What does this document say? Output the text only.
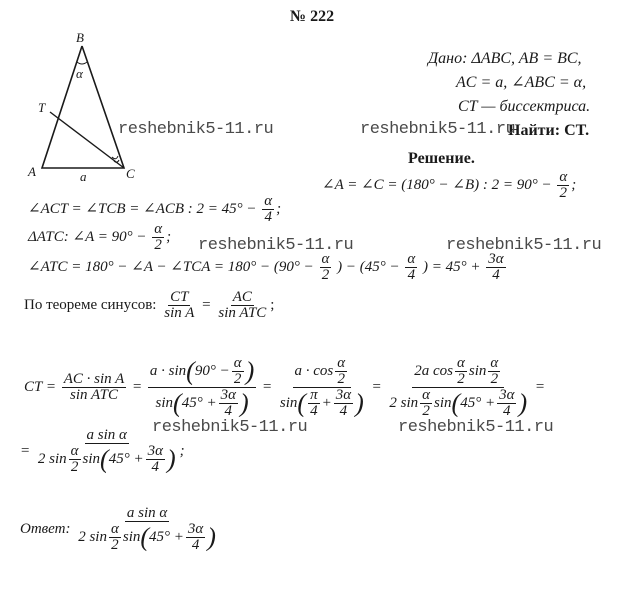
№ 222
B
α
T
A	a	C
Дано: ΔABC, AB = BC,
AC = a, ∠ABC = α,
CT — биссектриса.
Найти: CT.
Решение.
∠A = ∠C = (180° − ∠B) : $2 = 90^\circ - \frac{\alpha}{2}$ ;
∠ACT = ∠TCB = ∠ACB : $2 = 45^\circ - \frac{\alpha}{4}$ ;
ΔATC: ∠A = $90^\circ - \frac{\alpha}{2}$ ;
∠ATC = 180° − ∠A − ∠TCA = $180^\circ - (90^\circ - \frac{\alpha}{2}$ ) − ($45^\circ - \frac{\alpha}{4}$ ) = $45^\circ + \frac{3\alpha}{4}$
По теореме синусов: $\frac{CT}{\text{sin A}} = \frac{AC}{\text{sin ATC}}$ ;
CT = $\frac{\text{AC · sin A}}{\text{sin ATC}} = \frac{a \cdot \sin(90^\circ - \frac{\alpha}{2} )}{\sin(45^\circ + \frac{3\alpha}{4} )} = \frac{a \cdot \cos \frac{\alpha}{2}}{\sin( \frac{\pi}{4} + \frac{3\alpha}{4} )} = \frac{2a \cos \frac{\alpha}{2} \sin \frac{\alpha}{2}}{2 \sin \frac{\alpha}{2} \sin(45^\circ + \frac{3\alpha}{4} )}$ =
= $\frac{\text{a sin α}}{2 \sin \frac{\alpha}{2} \sin(45^\circ + \frac{3\alpha}{4} )}$ ;
Ответ: $\frac{\text{a sin α}}{2 \sin \frac{\alpha}{2} \sin(45^\circ + \frac{3\alpha}{4} )}$
reshebnik5-11.ru	reshebnik5-11.ru
reshebnik5-11.ru	reshebnik5-11.ru
reshebnik5-11.ru	reshebnik5-11.ru
